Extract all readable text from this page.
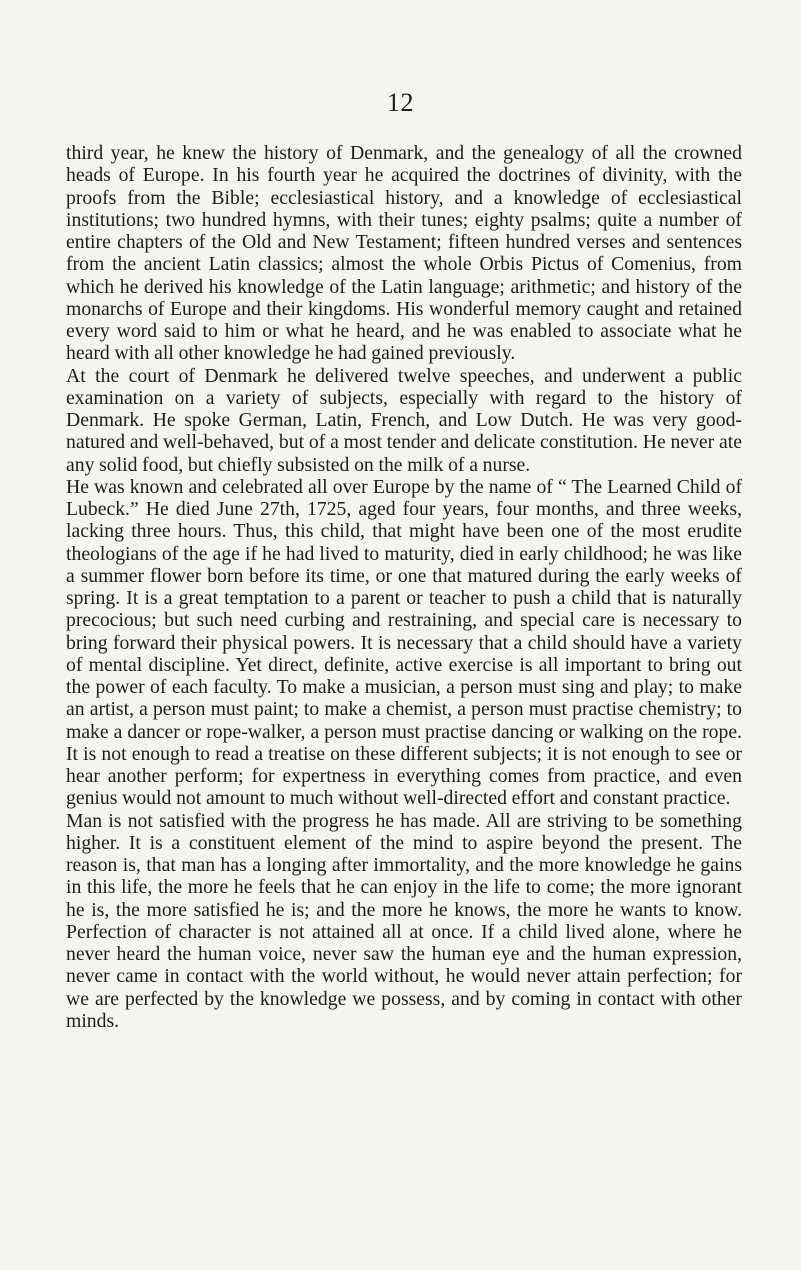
12

third year, he knew the history of Denmark, and the genealogy of all the crowned heads of Europe. In his fourth year he acquired the doctrines of divinity, with the proofs from the Bible; ecclesiastical history, and a knowledge of ecclesiastical institutions; two hundred hymns, with their tunes; eighty psalms; quite a number of entire chapters of the Old and New Testament; fifteen hundred verses and sentences from the ancient Latin classics; almost the whole Orbis Pictus of Comenius, from which he derived his knowledge of the Latin language; arithmetic; and history of the monarchs of Europe and their kingdoms. His wonderful memory caught and retained every word said to him or what he heard, and he was enabled to associate what he heard with all other knowledge he had gained previously.

At the court of Denmark he delivered twelve speeches, and underwent a public examination on a variety of subjects, especially with regard to the history of Denmark. He spoke German, Latin, French, and Low Dutch. He was very good-natured and well-behaved, but of a most tender and delicate constitution. He never ate any solid food, but chiefly subsisted on the milk of a nurse.

He was known and celebrated all over Europe by the name of “ The Learned Child of Lubeck.” He died June 27th, 1725, aged four years, four months, and three weeks, lacking three hours. Thus, this child, that might have been one of the most erudite theologians of the age if he had lived to maturity, died in early childhood; he was like a summer flower born before its time, or one that matured during the early weeks of spring. It is a great temptation to a parent or teacher to push a child that is naturally precocious; but such need curbing and restraining, and special care is necessary to bring forward their physical powers. It is necessary that a child should have a variety of mental discipline. Yet direct, definite, active exercise is all important to bring out the power of each faculty. To make a musician, a person must sing and play; to make an artist, a person must paint; to make a chemist, a person must practise chemistry; to make a dancer or rope-walker, a person must practise dancing or walking on the rope. It is not enough to read a treatise on these different subjects; it is not enough to see or hear another perform; for expertness in everything comes from practice, and even genius would not amount to much without well-directed effort and constant practice.

Man is not satisfied with the progress he has made. All are striving to be something higher. It is a constituent element of the mind to aspire beyond the present. The reason is, that man has a longing after immortality, and the more knowledge he gains in this life, the more he feels that he can enjoy in the life to come; the more ignorant he is, the more satisfied he is; and the more he knows, the more he wants to know. Perfection of character is not attained all at once. If a child lived alone, where he never heard the human voice, never saw the human eye and the human expression, never came in contact with the world without, he would never attain perfection; for we are perfected by the knowledge we possess, and by coming in contact with other minds.
